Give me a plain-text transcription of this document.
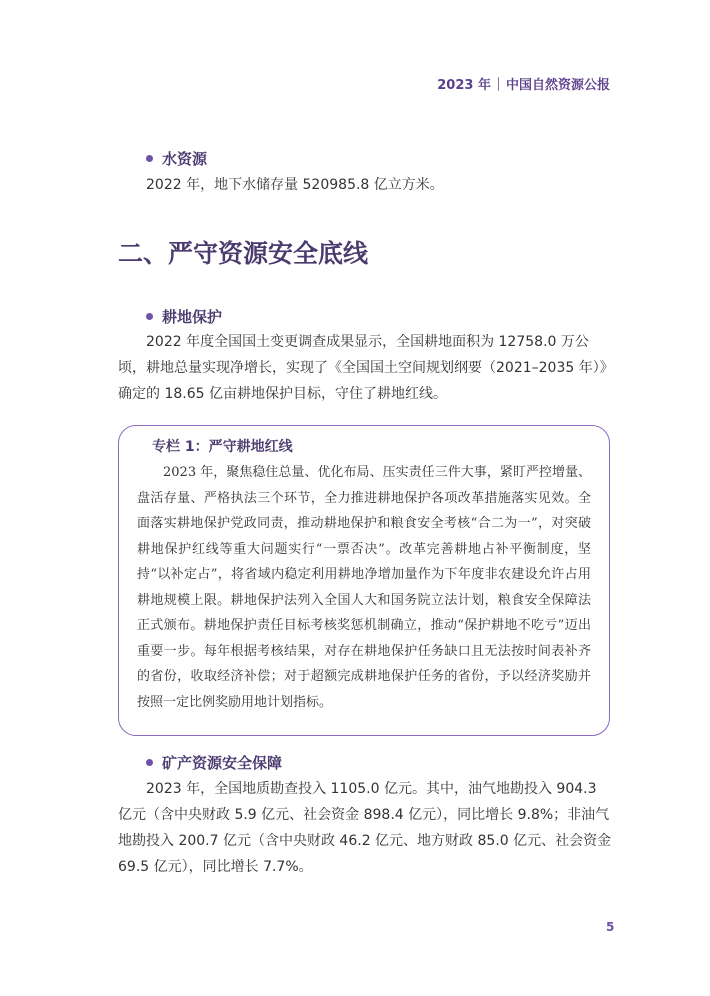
2023 年 中国自然资源公报
水资源

2022 年，地下水储存量 520985.8 亿立方米。

二、严守资源安全底线
耕地保护

2022 年度全国国土变更调查成果显示，全国耕地面积为 12758.0 万公顷，耕地总量实现净增长，实现了《全国国土空间规划纲要（2021–2035 年）》确定的 18.65 亿亩耕地保护目标，守住了耕地红线。

专栏 1：严守耕地红线

2023 年，聚焦稳住总量、优化布局、压实责任三件大事，紧盯严控增量、盘活存量、严格执法三个环节，全力推进耕地保护各项改革措施落实见效。全面落实耕地保护党政同责，推动耕地保护和粮食安全考核“合二为一”，对突破耕地保护红线等重大问题实行“一票否决”。改革完善耕地占补平衡制度，坚持“以补定占”，将省域内稳定利用耕地净增加量作为下年度非农建设允许占用耕地规模上限。耕地保护法列入全国人大和国务院立法计划，粮食安全保障法正式颁布。耕地保护责任目标考核奖惩机制确立，推动“保护耕地不吃亏”迈出重要一步。每年根据考核结果，对存在耕地保护任务缺口且无法按时间表补齐的省份，收取经济补偿；对于超额完成耕地保护任务的省份，予以经济奖励并按照一定比例奖励用地计划指标。

矿产资源安全保障

2023 年，全国地质勘查投入 1105.0 亿元。其中，油气地勘投入 904.3 亿元（含中央财政 5.9 亿元、社会资金 898.4 亿元），同比增长 9.8%；非油气地勘投入 200.7 亿元（含中央财政 46.2 亿元、地方财政 85.0 亿元、社会资金 69.5 亿元），同比增长 7.7%。

5
